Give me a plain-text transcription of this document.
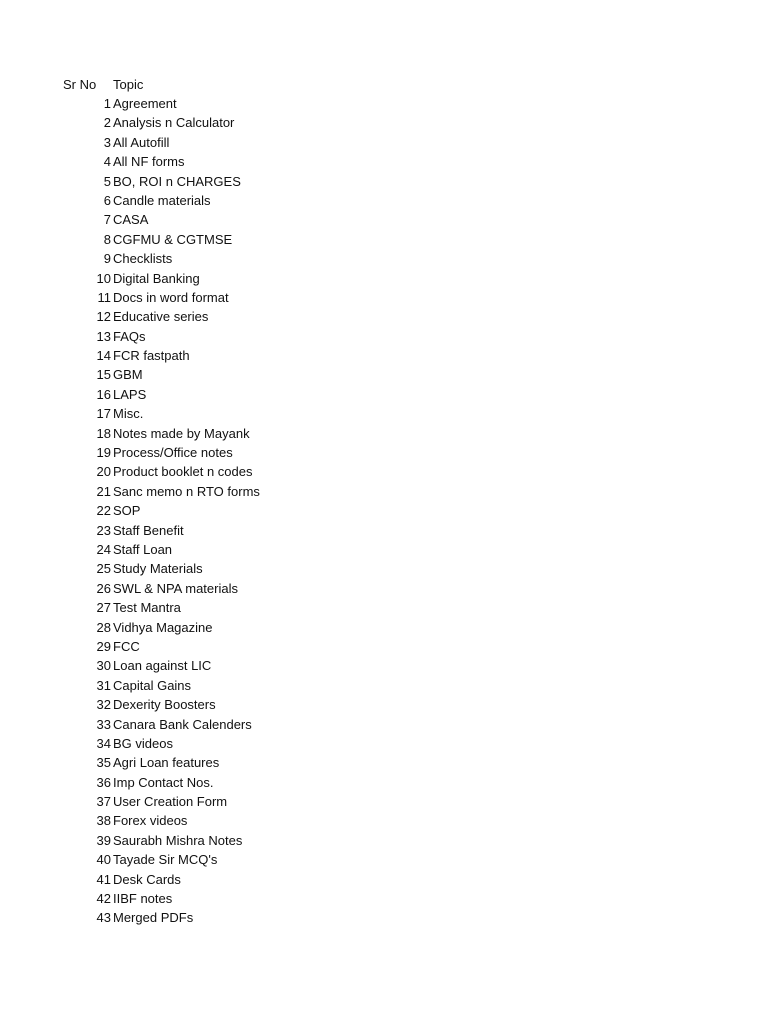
Sr No Topic
1 Agreement
2 Analysis n Calculator
3 All Autofill
4 All NF forms
5 BO, ROI n CHARGES
6 Candle materials
7 CASA
8 CGFMU & CGTMSE
9 Checklists
10 Digital Banking
11 Docs in word format
12 Educative series
13 FAQs
14 FCR fastpath
15 GBM
16 LAPS
17 Misc.
18 Notes made by Mayank
19 Process/Office notes
20 Product booklet n codes
21 Sanc memo n RTO forms
22 SOP
23 Staff Benefit
24 Staff Loan
25 Study Materials
26 SWL & NPA materials
27 Test Mantra
28 Vidhya Magazine
29 FCC
30 Loan against LIC
31 Capital Gains
32 Dexerity Boosters
33 Canara Bank Calenders
34 BG videos
35 Agri Loan features
36 Imp Contact Nos.
37 User Creation Form
38 Forex videos
39 Saurabh Mishra Notes
40 Tayade Sir MCQ's
41 Desk Cards
42 IIBF notes
43 Merged PDFs
